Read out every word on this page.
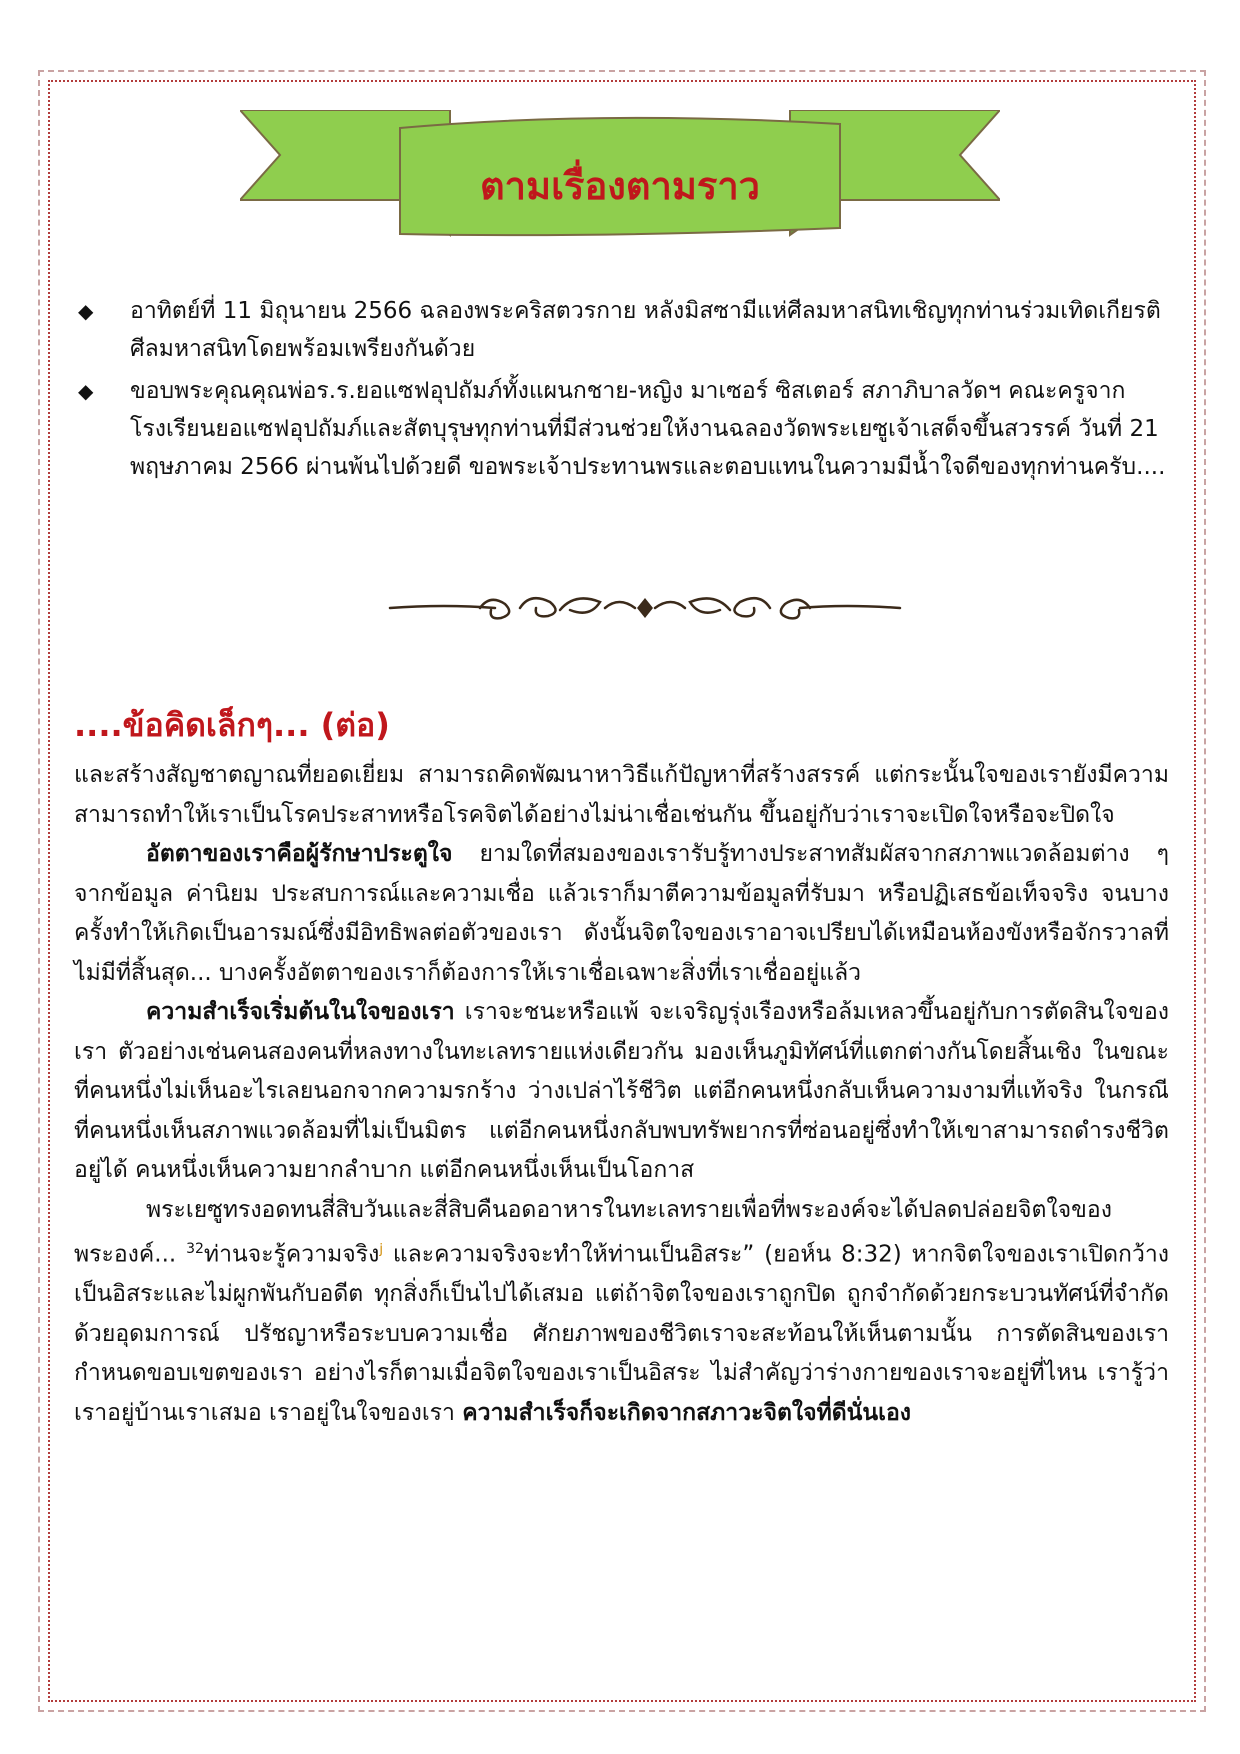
ตามเรื่องตามราว
◆ อาทิตย์ที่ 11 มิถุนายน 2566 ฉลองพระคริสตวรกาย หลังมิสซามีแห่ศีลมหาสนิทเชิญทุกท่านร่วมเทิดเกียรติศีลมหาสนิทโดยพร้อมเพรียงกันด้วย
◆ ขอบพระคุณคุณพ่อร.ร.ยอแซฟอุปถัมภ์ทั้งแผนกชาย-หญิง มาเซอร์ ซิสเตอร์ สภาภิบาลวัดฯ คณะครูจากโรงเรียนยอแซฟอุปถัมภ์และสัตบุรุษทุกท่านที่มีส่วนช่วยให้งานฉลองวัดพระเยซูเจ้าเสด็จขึ้นสวรรค์ วันที่ 21 พฤษภาคม 2566 ผ่านพ้นไปด้วยดี ขอพระเจ้าประทานพรและตอบแทนในความมีน้ำใจดีของทุกท่านครับ....
....ข้อคิดเล็กๆ... (ต่อ)

และสร้างสัญชาตญาณที่ยอดเยี่ยม สามารถคิดพัฒนาหาวิธีแก้ปัญหาที่สร้างสรรค์ แต่กระนั้นใจของเรายังมีความสามารถทำให้เราเป็นโรคประสาทหรือโรคจิตได้อย่างไม่น่าเชื่อเช่นกัน ขึ้นอยู่กับว่าเราจะเปิดใจหรือจะปิดใจ

อัตตาของเราคือผู้รักษาประตูใจ ยามใดที่สมองของเรารับรู้ทางประสาทสัมผัสจากสภาพแวดล้อมต่าง ๆ จากข้อมูล ค่านิยม ประสบการณ์และความเชื่อ แล้วเราก็มาตีความข้อมูลที่รับมา หรือปฏิเสธข้อเท็จจริง จนบางครั้งทำให้เกิดเป็นอารมณ์ซึ่งมีอิทธิพลต่อตัวของเรา ดังนั้นจิตใจของเราอาจเปรียบได้เหมือนห้องขังหรือจักรวาลที่ไม่มีที่สิ้นสุด... บางครั้งอัตตาของเราก็ต้องการให้เราเชื่อเฉพาะสิ่งที่เราเชื่ออยู่แล้ว

ความสำเร็จเริ่มต้นในใจของเรา เราจะชนะหรือแพ้ จะเจริญรุ่งเรืองหรือล้มเหลวขึ้นอยู่กับการตัดสินใจของเรา ตัวอย่างเช่นคนสองคนที่หลงทางในทะเลทรายแห่งเดียวกัน มองเห็นภูมิทัศน์ที่แตกต่างกันโดยสิ้นเชิง ในขณะที่คนหนึ่งไม่เห็นอะไรเลยนอกจากความรกร้าง ว่างเปล่าไร้ชีวิต แต่อีกคนหนึ่งกลับเห็นความงามที่แท้จริง ในกรณีที่คนหนึ่งเห็นสภาพแวดล้อมที่ไม่เป็นมิตร แต่อีกคนหนึ่งกลับพบทรัพยากรที่ซ่อนอยู่ซึ่งทำให้เขาสามารถดำรงชีวิตอยู่ได้ คนหนึ่งเห็นความยากลำบาก แต่อีกคนหนึ่งเห็นเป็นโอกาส

พระเยซูทรงอดทนสี่สิบวันและสี่สิบคืนอดอาหารในทะเลทรายเพื่อที่พระองค์จะได้ปลดปล่อยจิตใจของพระองค์... $^{32}$ท่านจะรู้ความจริง$^j$ และความจริงจะทำให้ท่านเป็นอิสระ” (ยอห์น 8:32) หากจิตใจของเราเปิดกว้างเป็นอิสระและไม่ผูกพันกับอดีต ทุกสิ่งก็เป็นไปได้เสมอ แต่ถ้าจิตใจของเราถูกปิด ถูกจำกัดด้วยกระบวนทัศน์ที่จำกัด ด้วยอุดมการณ์ ปรัชญาหรือระบบความเชื่อ ศักยภาพของชีวิตเราจะสะท้อนให้เห็นตามนั้น การตัดสินของเรา กำหนดขอบเขตของเรา อย่างไรก็ตามเมื่อจิตใจของเราเป็นอิสระ ไม่สำคัญว่าร่างกายของเราจะอยู่ที่ไหน เรารู้ว่าเราอยู่บ้านเราเสมอ เราอยู่ในใจของเรา ความสำเร็จก็จะเกิดจากสภาวะจิตใจที่ดีนั่นเอง
